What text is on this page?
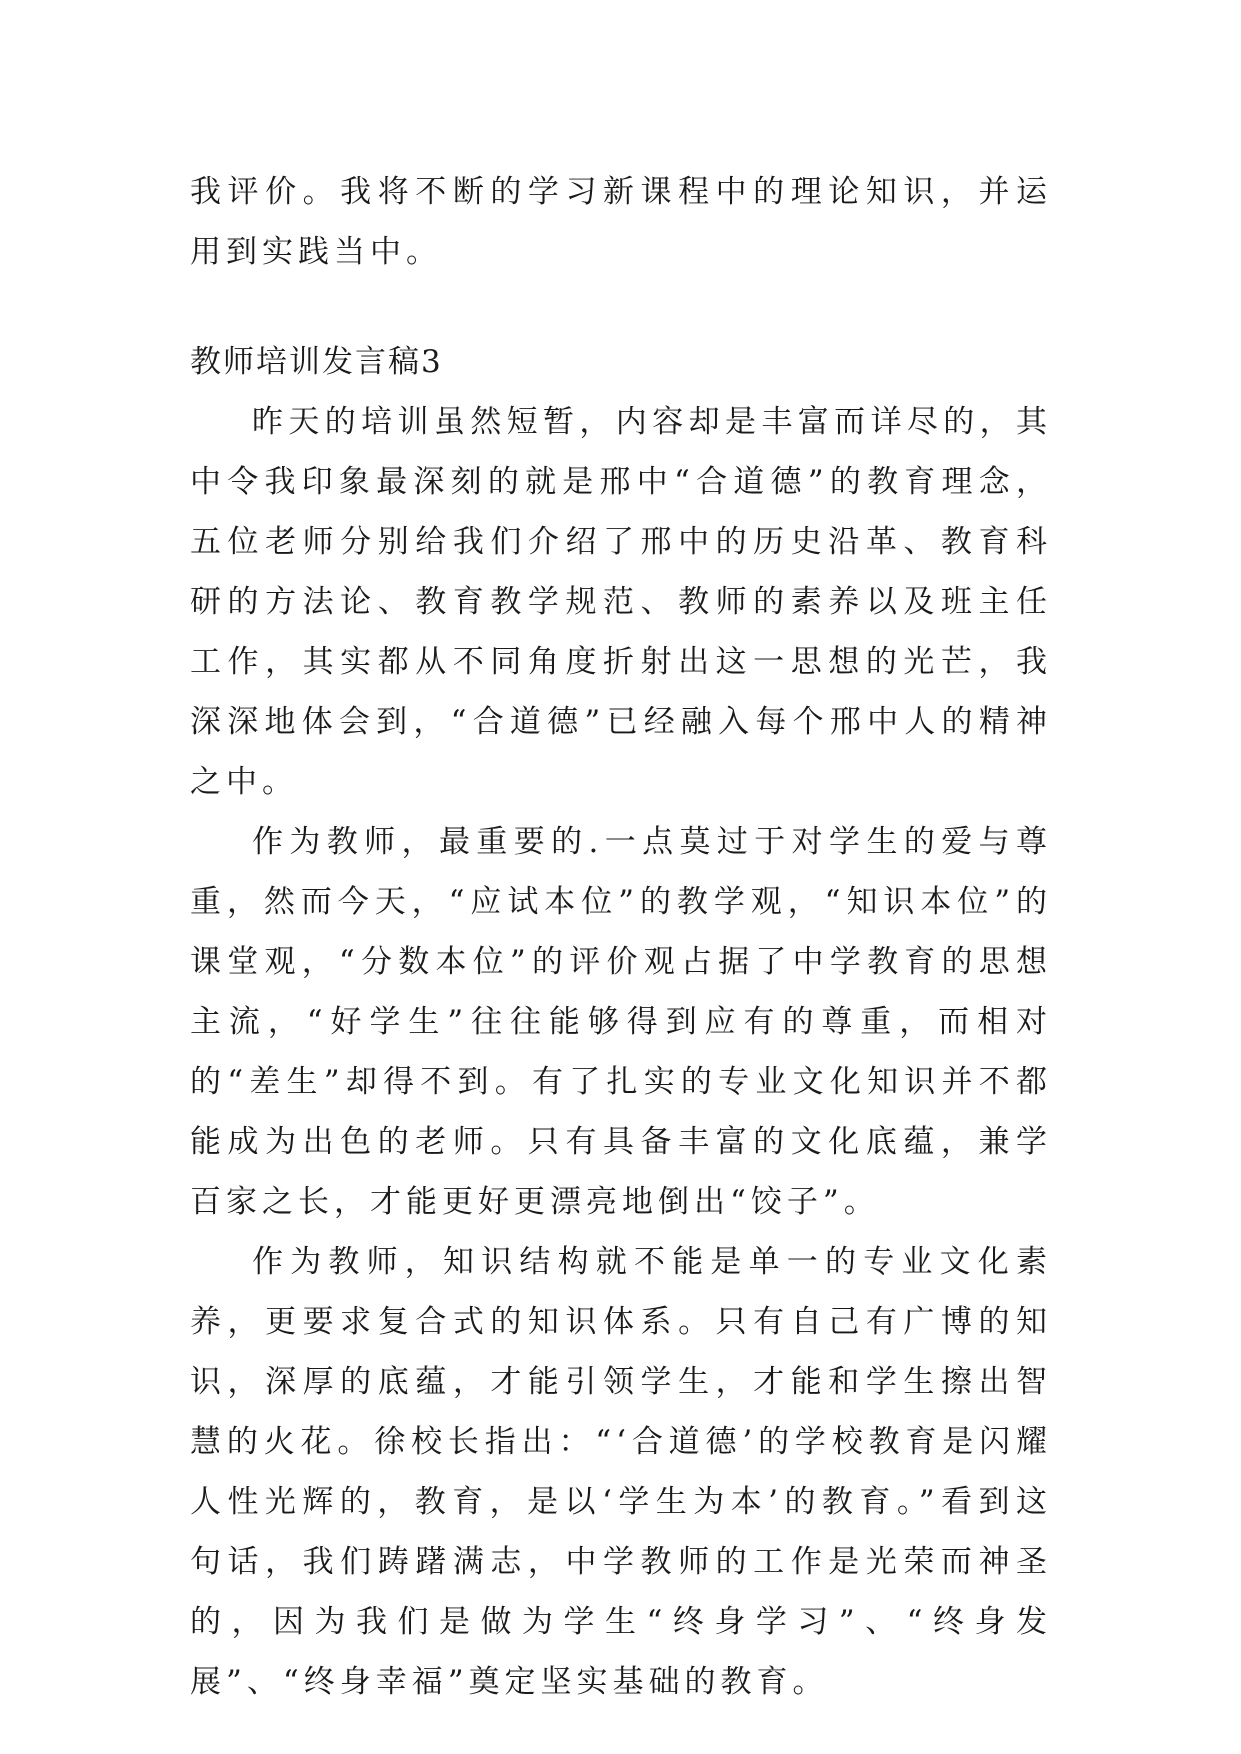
我评价。我将不断的学习新课程中的理论知识，并运用到实践当中。

教师培训发言稿3

昨天的培训虽然短暂，内容却是丰富而详尽的，其中令我印象最深刻的就是邢中“合道德”的教育理念，五位老师分别给我们介绍了邢中的历史沿革、教育科研的方法论、教育教学规范、教师的素养以及班主任工作，其实都从不同角度折射出这一思想的光芒，我深深地体会到，“合道德”已经融入每个邢中人的精神之中。

作为教师，最重要的.一点莫过于对学生的爱与尊重，然而今天，“应试本位”的教学观，“知识本位”的课堂观，“分数本位”的评价观占据了中学教育的思想主流，“好学生”往往能够得到应有的尊重，而相对的“差生”却得不到。有了扎实的专业文化知识并不都能成为出色的老师。只有具备丰富的文化底蕴，兼学百家之长，才能更好更漂亮地倒出“饺子”。

作为教师，知识结构就不能是单一的专业文化素养，更要求复合式的知识体系。只有自己有广博的知识，深厚的底蕴，才能引领学生，才能和学生擦出智慧的火花。徐校长指出：“‘合道德’的学校教育是闪耀人性光辉的，教育，是以‘学生为本’的教育。”看到这句话，我们踌躇满志，中学教师的工作是光荣而神圣的，因为我们是做为学生“终身学习”、“终身发展”、“终身幸福”奠定坚实基础的教育。
